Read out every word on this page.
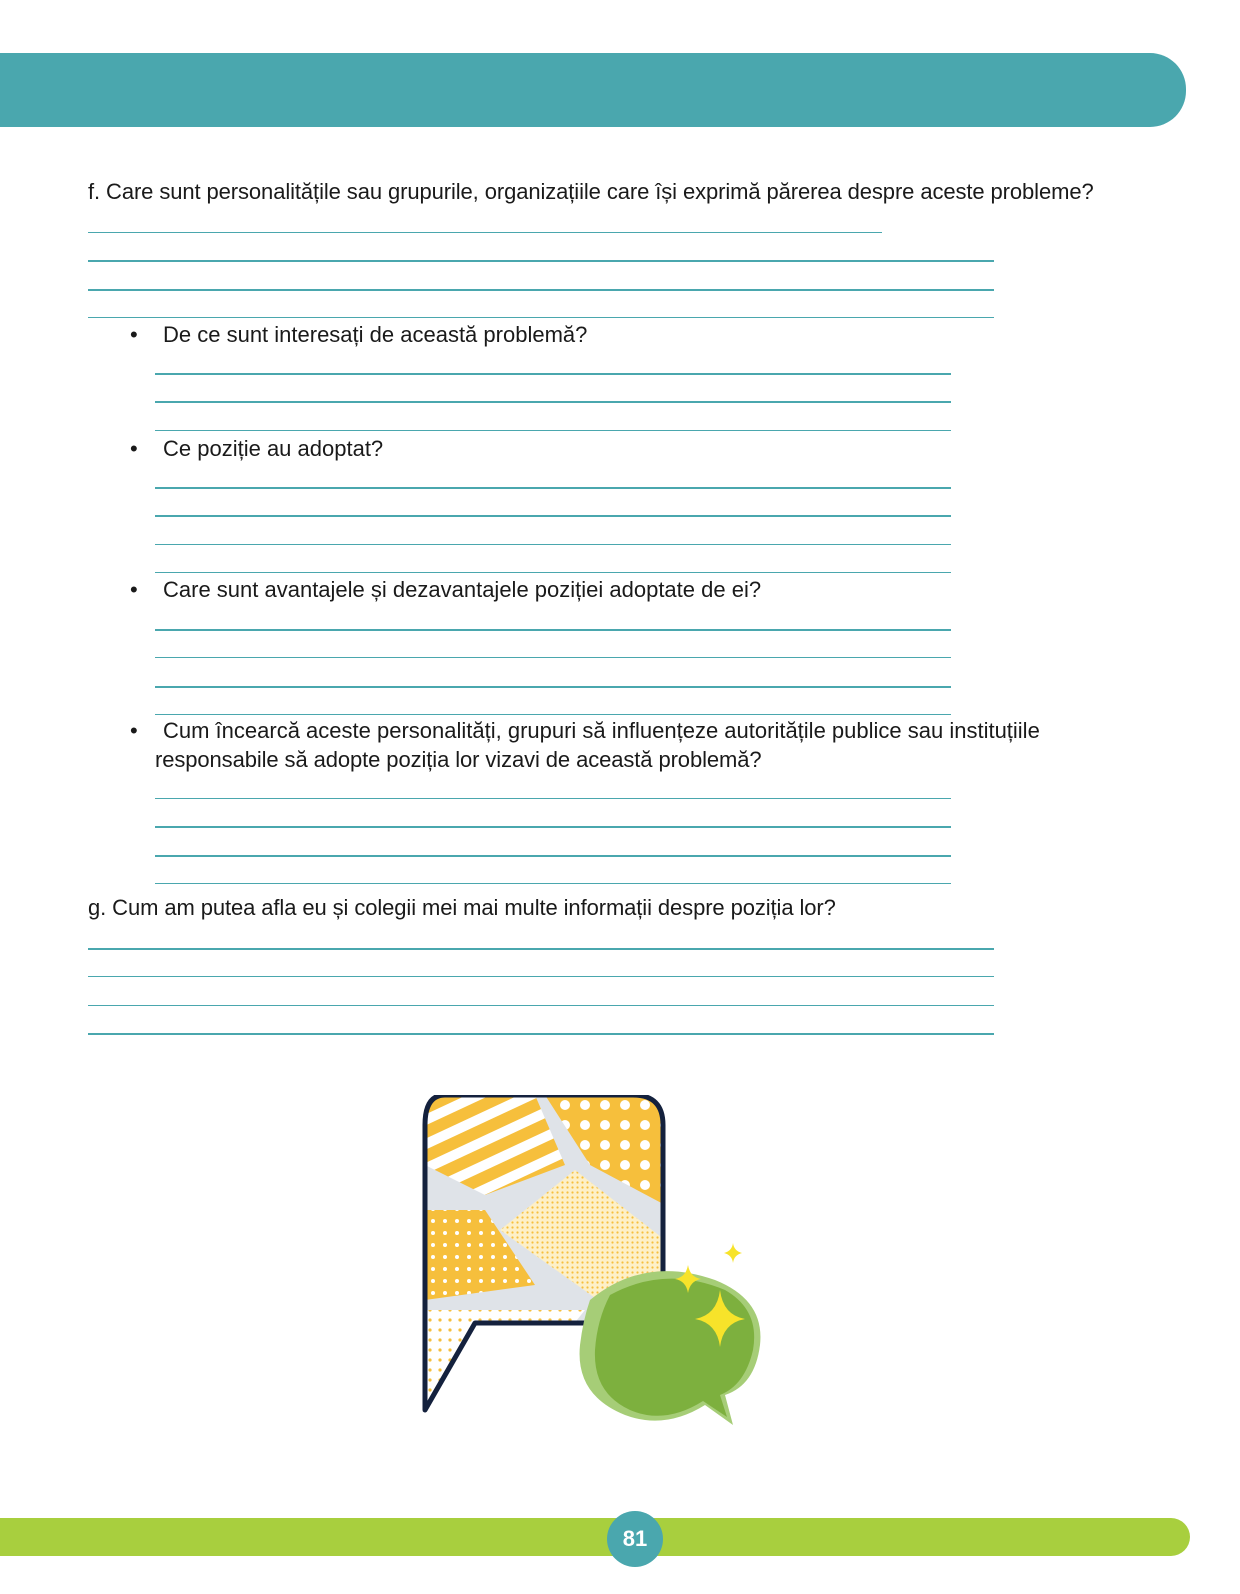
f. Care sunt personalitățile sau grupurile, organizațiile care își exprimă părerea despre aceste probleme?
• De ce sunt interesați de această problemă?
• Ce poziție au adoptat?
• Care sunt avantajele și dezavantajele poziției adoptate de ei?
• Cum încearcă aceste personalități, grupuri să influențeze autoritățile publice sau instituțiile
responsabile să adopte poziția lor vizavi de această problemă?
g. Cum am putea afla eu și colegii mei mai multe informații despre poziția lor?
81
